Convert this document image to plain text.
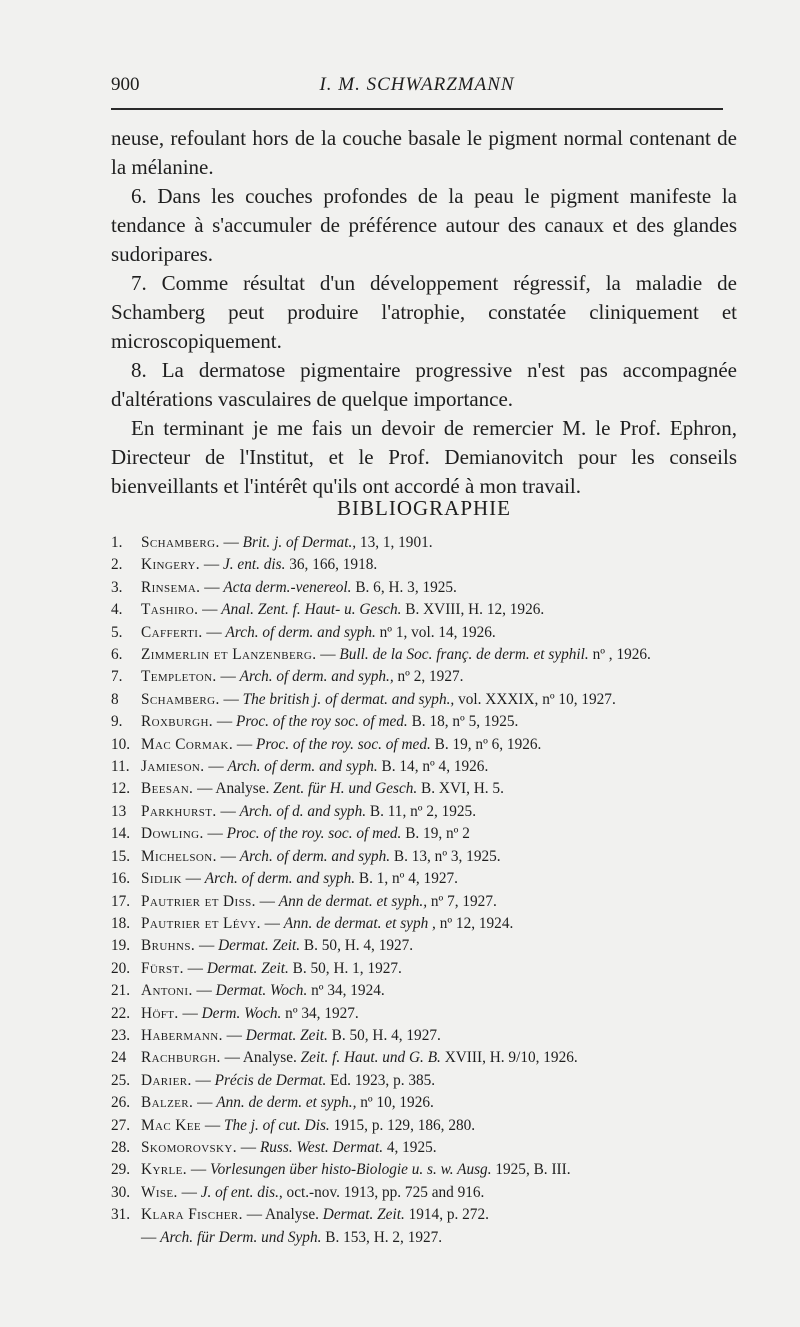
900	I. M. SCHWARZMANN

neuse, refoulant hors de la couche basale le pigment normal contenant de la mélanine.

6. Dans les couches profondes de la peau le pigment manifeste la tendance à s'accumuler de préférence autour des canaux et des glandes sudoripares.

7. Comme résultat d'un développement régressif, la maladie de Schamberg peut produire l'atrophie, constatée cliniquement et microscopiquement.

8. La dermatose pigmentaire progressive n'est pas accompagnée d'altérations vasculaires de quelque importance.

En terminant je me fais un devoir de remercier M. le Prof. Ephron, Directeur de l'Institut, et le Prof. Demianovitch pour les conseils bienveillants et l'intérêt qu'ils ont accordé à mon travail.

BIBLIOGRAPHIE
1.	Schamberg. — Brit. j. of Dermat., 13, 1, 1901.
2.	Kingery. — J. ent. dis. 36, 166, 1918.
3.	Rinsema. — Acta derm.-venereol. B. 6, H. 3, 1925.
4.	Tashiro. — Anal. Zent. f. Haut- u. Gesch. B. XVIII, H. 12, 1926.
5.	Cafferti. — Arch. of derm. and syph. nº 1, vol. 14, 1926.
6.	Zimmerlin et Lanzenberg. — Bull. de la Soc. franç. de derm. et syphil. nº , 1926.
7.	Templeton. — Arch. of derm. and syph., nº 2, 1927.
8	Schamberg. — The british j. of dermat. and syph., vol. XXXIX, nº 10, 1927.
9.	Roxburgh. — Proc. of the roy soc. of med. B. 18, nº 5, 1925.
10. Mac Cormak. — Proc. of the roy. soc. of med. B. 19, nº 6, 1926.
11. Jamieson. — Arch. of derm. and syph. B. 14, nº 4, 1926.
12. Beesan. — Analyse. Zent. für H. und Gesch. B. XVI, H. 5.
13 Parkhurst. — Arch. of d. and syph. B. 11, nº 2, 1925.
14. Dowling. — Proc. of the roy. soc. of med. B. 19, nº 2
15. Michelson. — Arch. of derm. and syph. B. 13, nº 3, 1925.
16. Sidlik — Arch. of derm. and syph. B. 1, nº 4, 1927.
17. Pautrier et Diss. — Ann de dermat. et syph., nº 7, 1927.
18. Pautrier et Lévy. — Ann. de dermat. et syph , nº 12, 1924.
19. Bruhns. — Dermat. Zeit. B. 50, H. 4, 1927.
20. Fürst. — Dermat. Zeit. B. 50, H. 1, 1927.
21. Antoni. — Dermat. Woch. nº 34, 1924.
22. Höft. — Derm. Woch. nº 34, 1927.
23. Habermann. — Dermat. Zeit. B. 50, H. 4, 1927.
24 Rachburgh. — Analyse. Zeit. f. Haut. und G. B. XVIII, H. 9/10, 1926.
25. Darier. — Précis de Dermat. Ed. 1923, p. 385.
26. Balzer. — Ann. de derm. et syph., nº 10, 1926.
27. Mac Kee — The j. of cut. Dis. 1915, p. 129, 186, 280.
28. Skomorovsky. — Russ. West. Dermat. 4, 1925.
29. Kyrle. — Vorlesungen über histo-Biologie u. s. w. Ausg. 1925, B. III.
30. Wise. — J. of ent. dis., oct.-nov. 1913, pp. 725 and 916.
31. Klara Fischer. — Analyse. Dermat. Zeit. 1914, p. 272.
— Arch. für Derm. und Syph. B. 153, H. 2, 1927.
